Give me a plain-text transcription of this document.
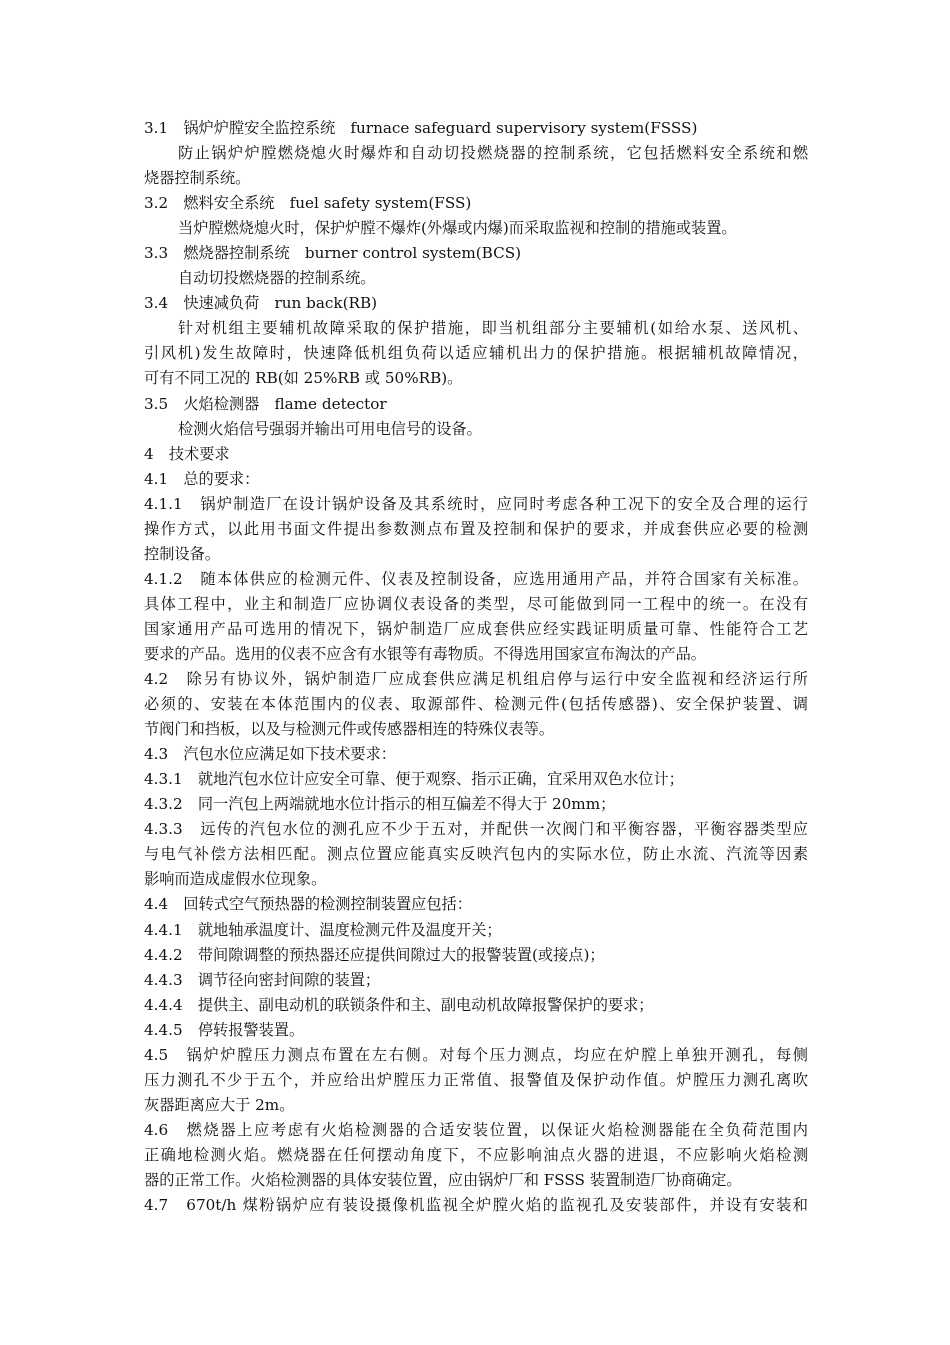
3.1　锅炉炉膛安全监控系统　furnace safeguard supervisory system(FSSS)
防止锅炉炉膛燃烧熄火时爆炸和自动切投燃烧器的控制系统，它包括燃料安全系统和燃
烧器控制系统。
3.2　燃料安全系统　fuel safety system(FSS)
当炉膛燃烧熄火时，保护炉膛不爆炸(外爆或内爆)而采取监视和控制的措施或装置。
3.3　燃烧器控制系统　burner control system(BCS)
自动切投燃烧器的控制系统。
3.4　快速减负荷　run back(RB)
针对机组主要辅机故障采取的保护措施，即当机组部分主要辅机(如给水泵、送风机、
引风机)发生故障时，快速降低机组负荷以适应辅机出力的保护措施。根据辅机故障情况，
可有不同工况的 RB(如 25%RB 或 50%RB)。
3.5　火焰检测器　flame detector
检测火焰信号强弱并输出可用电信号的设备。
4　技术要求
4.1　总的要求：
4.1.1　锅炉制造厂在设计锅炉设备及其系统时，应同时考虑各种工况下的安全及合理的运行
操作方式，以此用书面文件提出参数测点布置及控制和保护的要求，并成套供应必要的检测
控制设备。
4.1.2　随本体供应的检测元件、仪表及控制设备，应选用通用产品，并符合国家有关标准。
具体工程中，业主和制造厂应协调仪表设备的类型，尽可能做到同一工程中的统一。在没有
国家通用产品可选用的情况下，锅炉制造厂应成套供应经实践证明质量可靠、性能符合工艺
要求的产品。选用的仪表不应含有水银等有毒物质。不得选用国家宣布淘汰的产品。
4.2　除另有协议外，锅炉制造厂应成套供应满足机组启停与运行中安全监视和经济运行所
必须的、安装在本体范围内的仪表、取源部件、检测元件(包括传感器)、安全保护装置、调
节阀门和挡板，以及与检测元件或传感器相连的特殊仪表等。
4.3　汽包水位应满足如下技术要求：
4.3.1　就地汽包水位计应安全可靠、便于观察、指示正确，宜采用双色水位计；
4.3.2　同一汽包上两端就地水位计指示的相互偏差不得大于 20mm；
4.3.3　远传的汽包水位的测孔应不少于五对，并配供一次阀门和平衡容器，平衡容器类型应
与电气补偿方法相匹配。测点位置应能真实反映汽包内的实际水位，防止水流、汽流等因素
影响而造成虚假水位现象。
4.4　回转式空气预热器的检测控制装置应包括：
4.4.1　就地轴承温度计、温度检测元件及温度开关；
4.4.2　带间隙调整的预热器还应提供间隙过大的报警装置(或接点)；
4.4.3　调节径向密封间隙的装置；
4.4.4　提供主、副电动机的联锁条件和主、副电动机故障报警保护的要求；
4.4.5　停转报警装置。
4.5　锅炉炉膛压力测点布置在左右侧。对每个压力测点，均应在炉膛上单独开测孔，每侧
压力测孔不少于五个，并应给出炉膛压力正常值、报警值及保护动作值。炉膛压力测孔离吹
灰器距离应大于 2m。
4.6　燃烧器上应考虑有火焰检测器的合适安装位置，以保证火焰检测器能在全负荷范围内
正确地检测火焰。燃烧器在任何摆动角度下，不应影响油点火器的进退，不应影响火焰检测
器的正常工作。火焰检测器的具体安装位置，应由锅炉厂和 FSSS 装置制造厂协商确定。
4.7　670t/h 煤粉锅炉应有装设摄像机监视全炉膛火焰的监视孔及安装部件，并设有安装和
